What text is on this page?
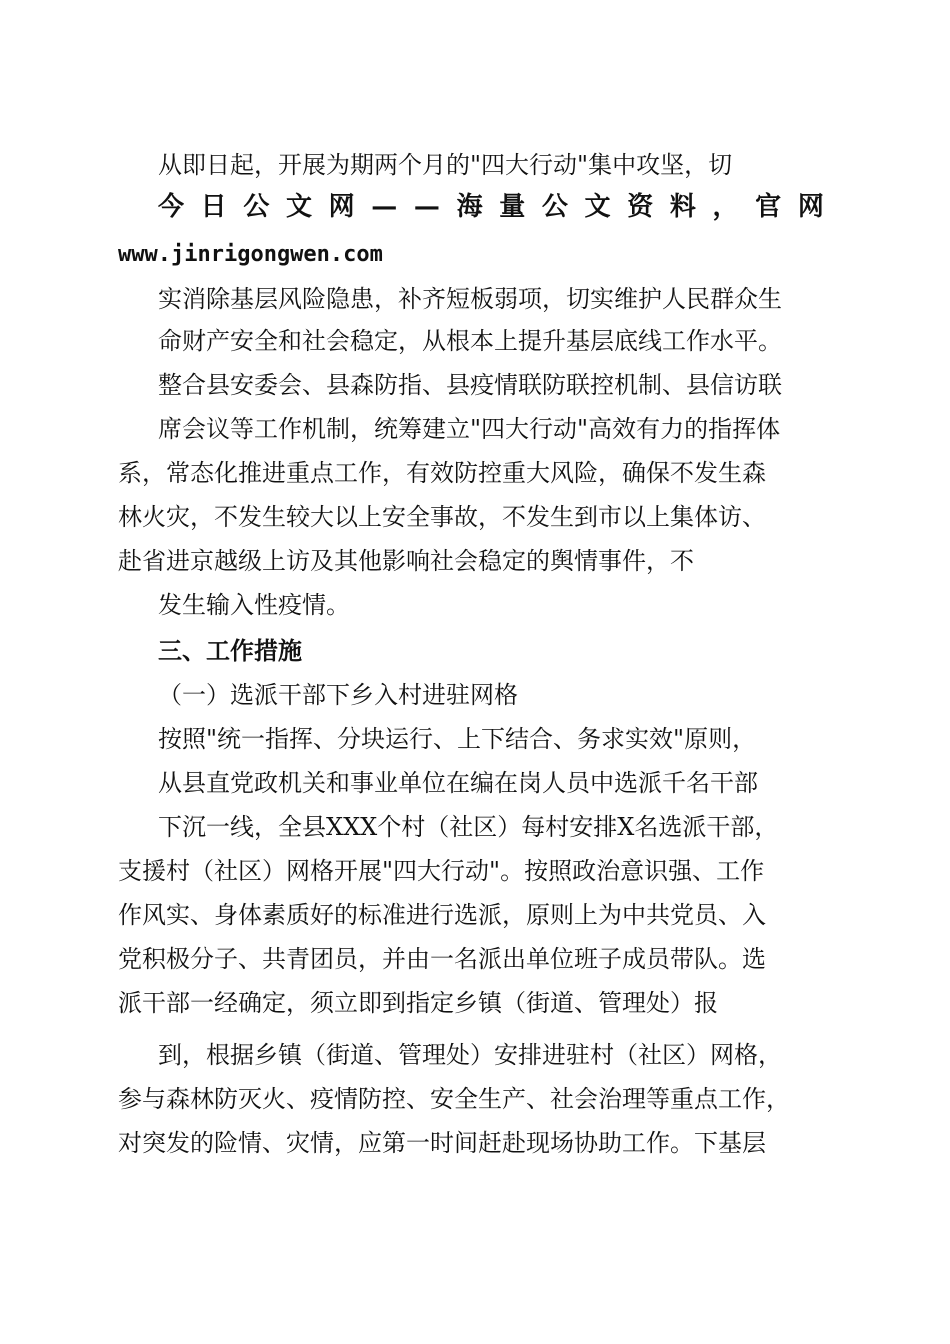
从即日起，开展为期两个月的"四大行动"集中攻坚，切
今 日 公 文 网 — — 海 量 公 文 资 料 ， 官 网
www.jinrigongwen.com
实消除基层风险隐患，补齐短板弱项，切实维护人民群众生
命财产安全和社会稳定，从根本上提升基层底线工作水平。
整合县安委会、县森防指、县疫情联防联控机制、县信访联
席会议等工作机制，统筹建立"四大行动"高效有力的指挥体
系，常态化推进重点工作，有效防控重大风险，确保不发生森
林火灾，不发生较大以上安全事故，不发生到市以上集体访、
赴省进京越级上访及其他影响社会稳定的舆情事件，不
发生输入性疫情。
三、工作措施
（一）选派干部下乡入村进驻网格
按照"统一指挥、分块运行、上下结合、务求实效"原则，
从县直党政机关和事业单位在编在岗人员中选派千名干部
下沉一线，全县XXX个村（社区）每村安排X名选派干部，
支援村（社区）网格开展"四大行动"。按照政治意识强、工作
作风实、身体素质好的标准进行选派，原则上为中共党员、入
党积极分子、共青团员，并由一名派出单位班子成员带队。选
派干部一经确定，须立即到指定乡镇（街道、管理处）报
到，根据乡镇（街道、管理处）安排进驻村（社区）网格，
参与森林防灭火、疫情防控、安全生产、社会治理等重点工作，
对突发的险情、灾情，应第一时间赶赴现场协助工作。下基层
